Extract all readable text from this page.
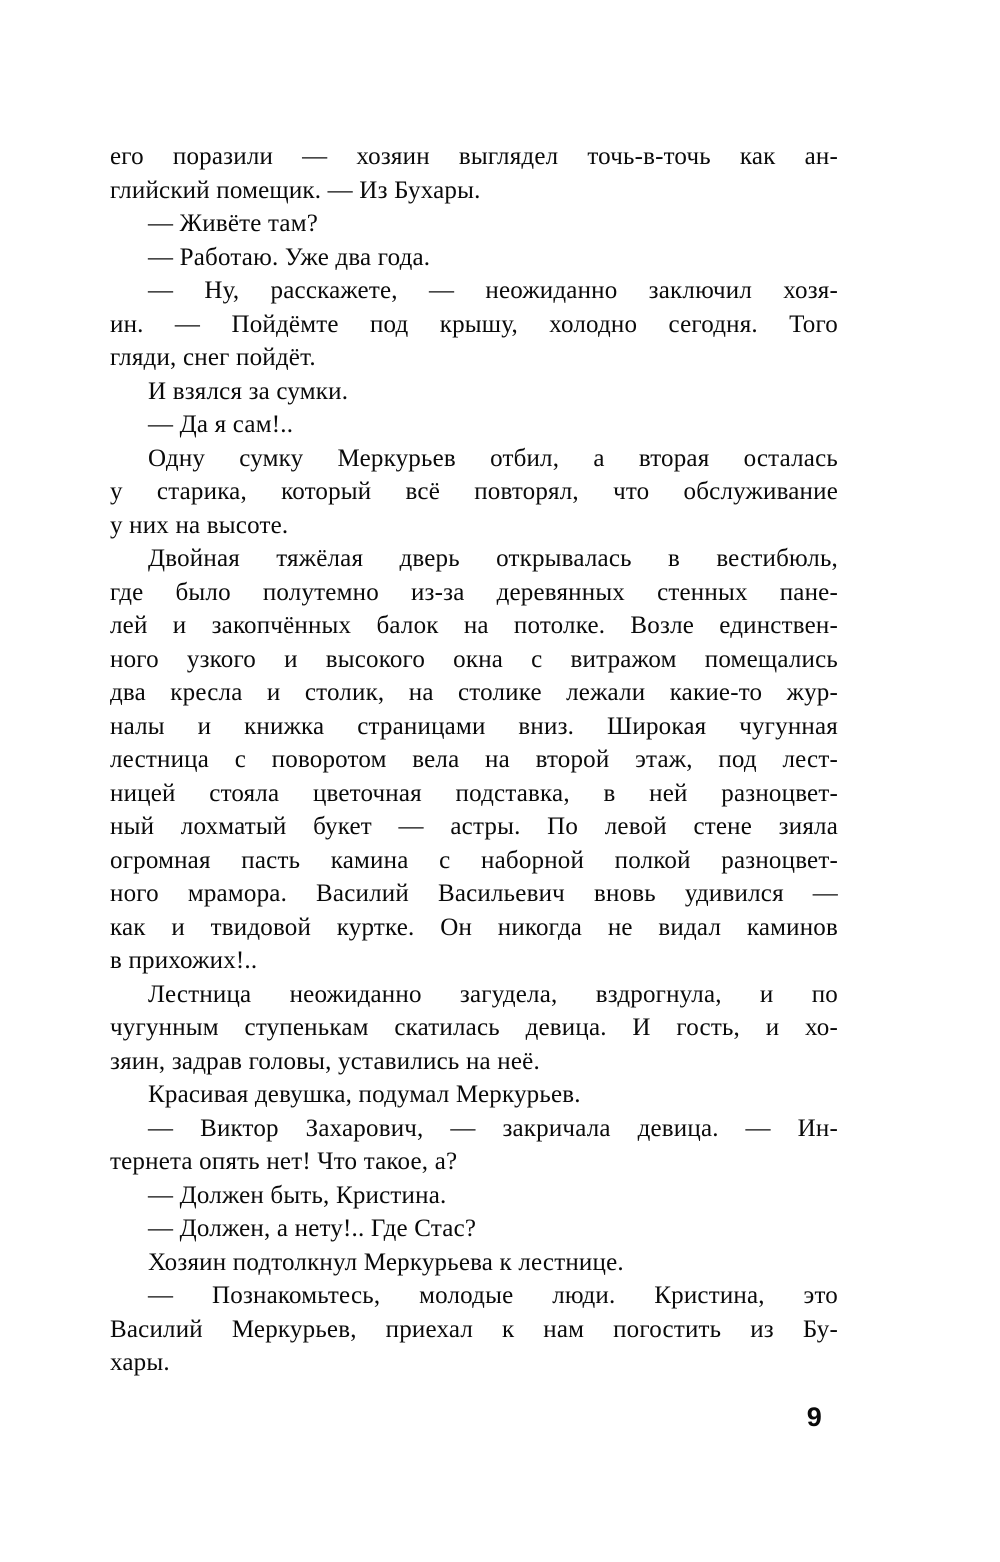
его поразили — хозяин выглядел точь-в-точь как ан-
глийский помещик. — Из Бухары.
— Живёте там?
— Работаю. Уже два года.
— Ну, расскажете, — неожиданно заключил хозя-
ин. — Пойдёмте под крышу, холодно сегодня. Того
гляди, снег пойдёт.
И взялся за сумки.
— Да я сам!..
Одну сумку Меркурьев отбил, а вторая осталась
у старика, который всё повторял, что обслуживание
у них на высоте.
Двойная тяжёлая дверь открывалась в вестибюль,
где было полутемно из-за деревянных стенных пане-
лей и закопчённых балок на потолке. Возле единствен-
ного узкого и высокого окна с витражом помещались
два кресла и столик, на столике лежали какие-то жур-
налы и книжка страницами вниз. Широкая чугунная
лестница с поворотом вела на второй этаж, под лест-
ницей стояла цветочная подставка, в ней разноцвет-
ный лохматый букет — астры. По левой стене зияла
огромная пасть камина с наборной полкой разноцвет-
ного мрамора. Василий Васильевич вновь удивился —
как и твидовой куртке. Он никогда не видал каминов
в прихожих!..
Лестница неожиданно загудела, вздрогнула, и по
чугунным ступенькам скатилась девица. И гость, и хо-
зяин, задрав головы, уставились на неё.
Красивая девушка, подумал Меркурьев.
— Виктор Захарович, — закричала девица. — Ин-
тернета опять нет! Что такое, а?
— Должен быть, Кристина.
— Должен, а нету!.. Где Стас?
Хозяин подтолкнул Меркурьева к лестнице.
— Познакомьтесь, молодые люди. Кристина, это
Василий Меркурьев, приехал к нам погостить из Бу-
хары.
9
